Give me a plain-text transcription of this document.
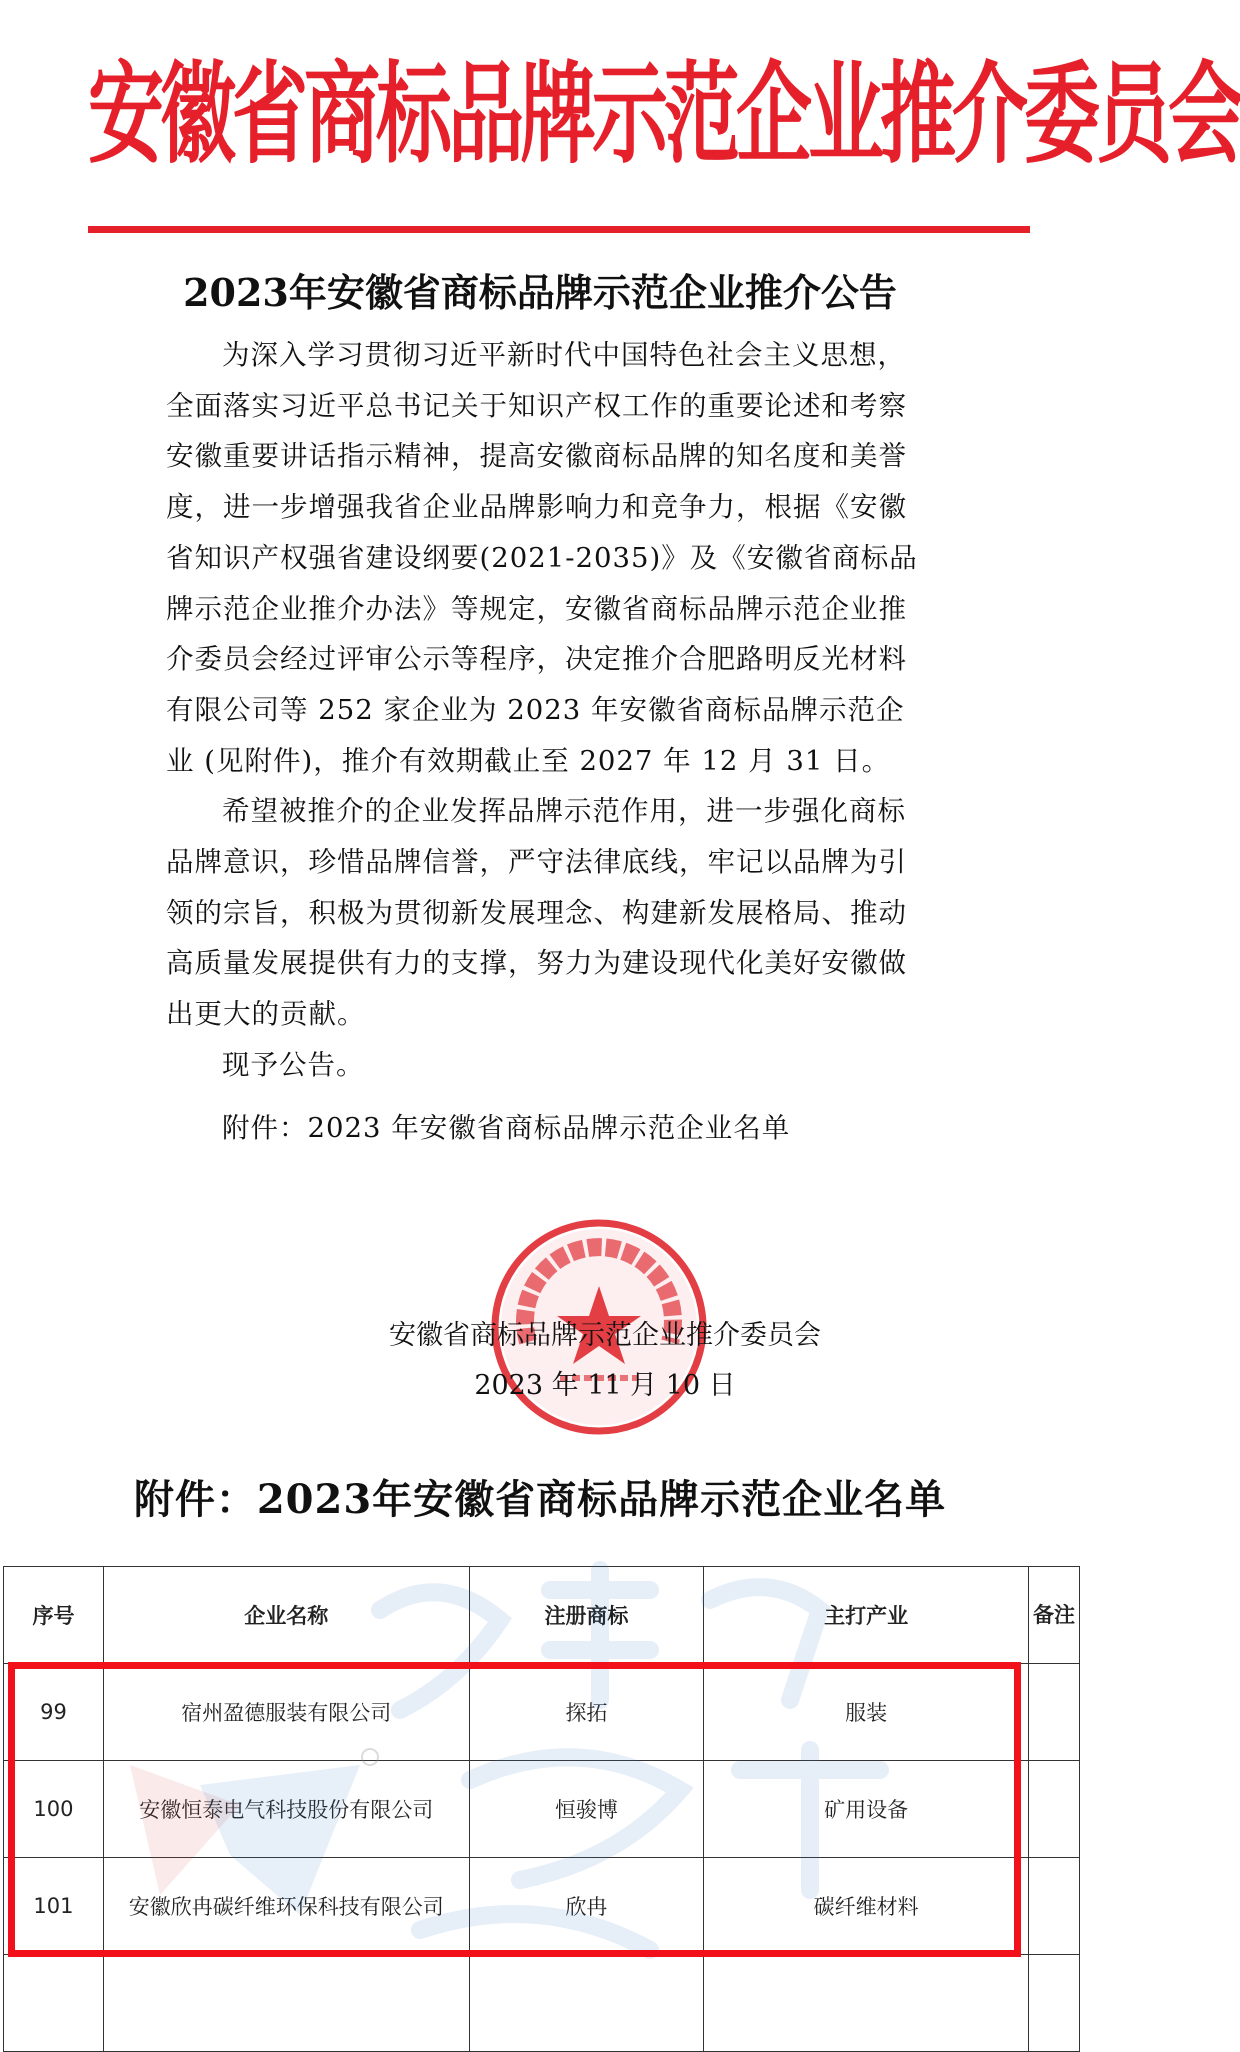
安徽省商标品牌示范企业推介委员会
2023年安徽省商标品牌示范企业推介公告

为深入学习贯彻习近平新时代中国特色社会主义思想，全面落实习近平总书记关于知识产权工作的重要论述和考察安徽重要讲话指示精神，提高安徽商标品牌的知名度和美誉度，进一步增强我省企业品牌影响力和竞争力，根据《安徽省知识产权强省建设纲要(2021-2035)》及《安徽省商标品牌示范企业推介办法》等规定，安徽省商标品牌示范企业推介委员会经过评审公示等程序，决定推介合肥路明反光材料有限公司等 252 家企业为 2023 年安徽省商标品牌示范企业 (见附件)，推介有效期截止至 2027 年 12 月 31 日。

希望被推介的企业发挥品牌示范作用，进一步强化商标品牌意识，珍惜品牌信誉，严守法律底线，牢记以品牌为引领的宗旨，积极为贯彻新发展理念、构建新发展格局、推动高质量发展提供有力的支撑，努力为建设现代化美好安徽做出更大的贡献。

现予公告。

附件：2023 年安徽省商标品牌示范企业名单

安徽省商标品牌示范企业推介委员会
2023 年 11 月 10 日
附件：2023年安徽省商标品牌示范企业名单
序号	企业名称	注册商标	主打产业	备注
99	宿州盈德服装有限公司	探拓	服装	
100	安徽恒泰电气科技股份有限公司	恒骏博	矿用设备	
101	安徽欣冉碳纤维环保科技有限公司	欣冉	碳纤维材料	
